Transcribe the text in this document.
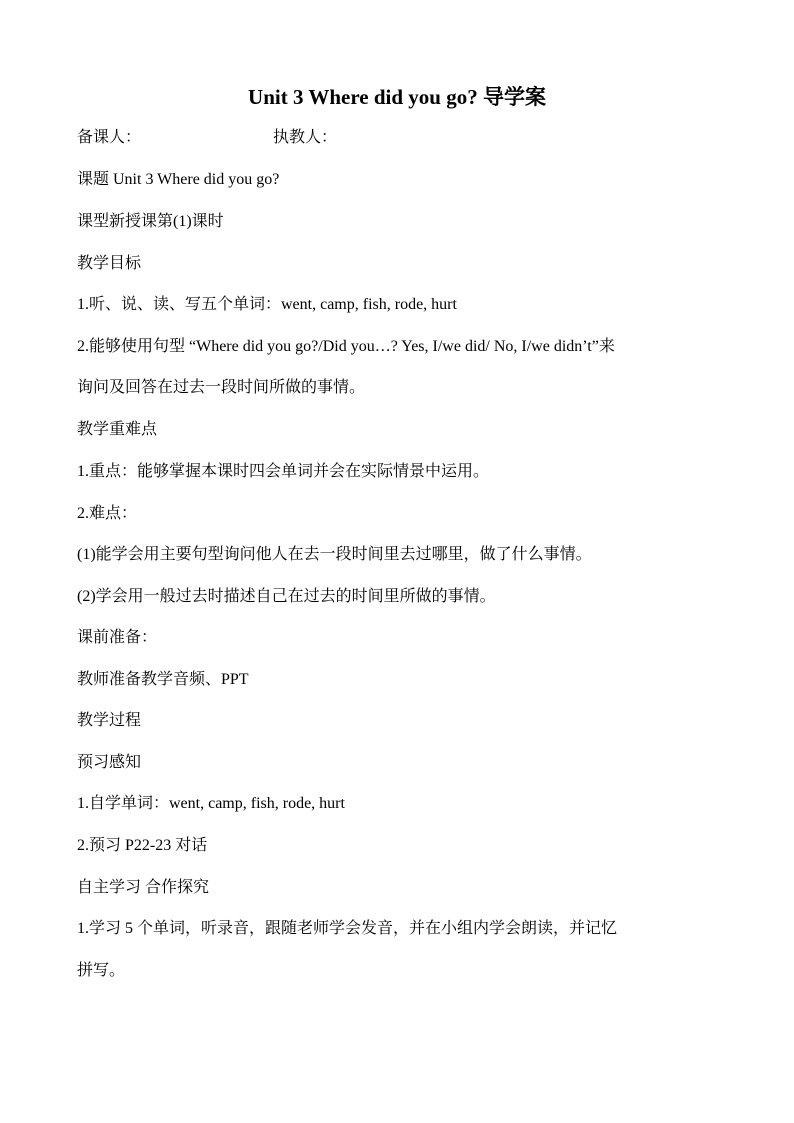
Unit 3 Where did you go? 导学案
备课人：	执教人：
课题 Unit 3 Where did you go?
课型新授课第(1)课时
教学目标
1.听、说、读、写五个单词：went, camp, fish, rode, hurt
2.能够使用句型 “Where did you go?/Did you…? Yes, I/we did/ No, I/we didn’t”来
询问及回答在过去一段时间所做的事情。
教学重难点
1.重点：能够掌握本课时四会单词并会在实际情景中运用。
2.难点：
(1)能学会用主要句型询问他人在去一段时间里去过哪里，做了什么事情。
(2)学会用一般过去时描述自己在过去的时间里所做的事情。
课前准备：
教师准备教学音频、PPT
教学过程
预习感知
1.自学单词：went, camp, fish, rode, hurt
2.预习 P22-23 对话
自主学习 合作探究
1.学习 5 个单词，听录音，跟随老师学会发音，并在小组内学会朗读，并记忆
拼写。
